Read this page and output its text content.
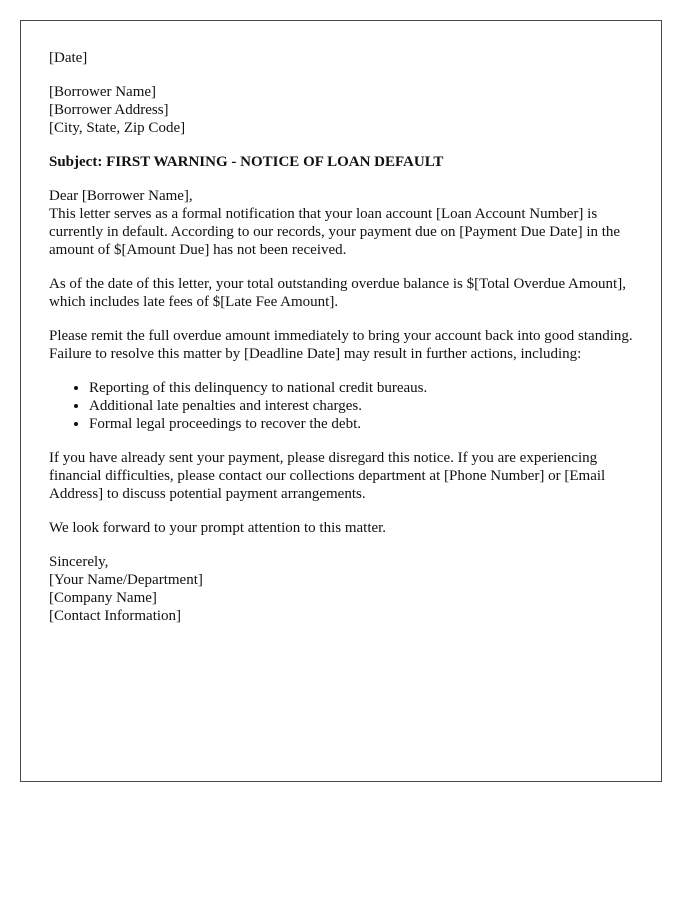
[Date]
[Borrower Name]
[Borrower Address]
[City, State, Zip Code]
Subject: FIRST WARNING - NOTICE OF LOAN DEFAULT

Dear [Borrower Name],

This letter serves as a formal notification that your loan account [Loan Account Number] is currently in default. According to our records, your payment due on [Payment Due Date] in the amount of $[Amount Due] has not been received.

As of the date of this letter, your total outstanding overdue balance is $[Total Overdue Amount], which includes late fees of $[Late Fee Amount].

Please remit the full overdue amount immediately to bring your account back into good standing. Failure to resolve this matter by [Deadline Date] may result in further actions, including:

• Reporting of this delinquency to national credit bureaus.
• Additional late penalties and interest charges.
• Formal legal proceedings to recover the debt.

If you have already sent your payment, please disregard this notice. If you are experiencing financial difficulties, please contact our collections department at [Phone Number] or [Email Address] to discuss potential payment arrangements.

We look forward to your prompt attention to this matter.

Sincerely,

[Your Name/Department]
[Company Name]
[Contact Information]
